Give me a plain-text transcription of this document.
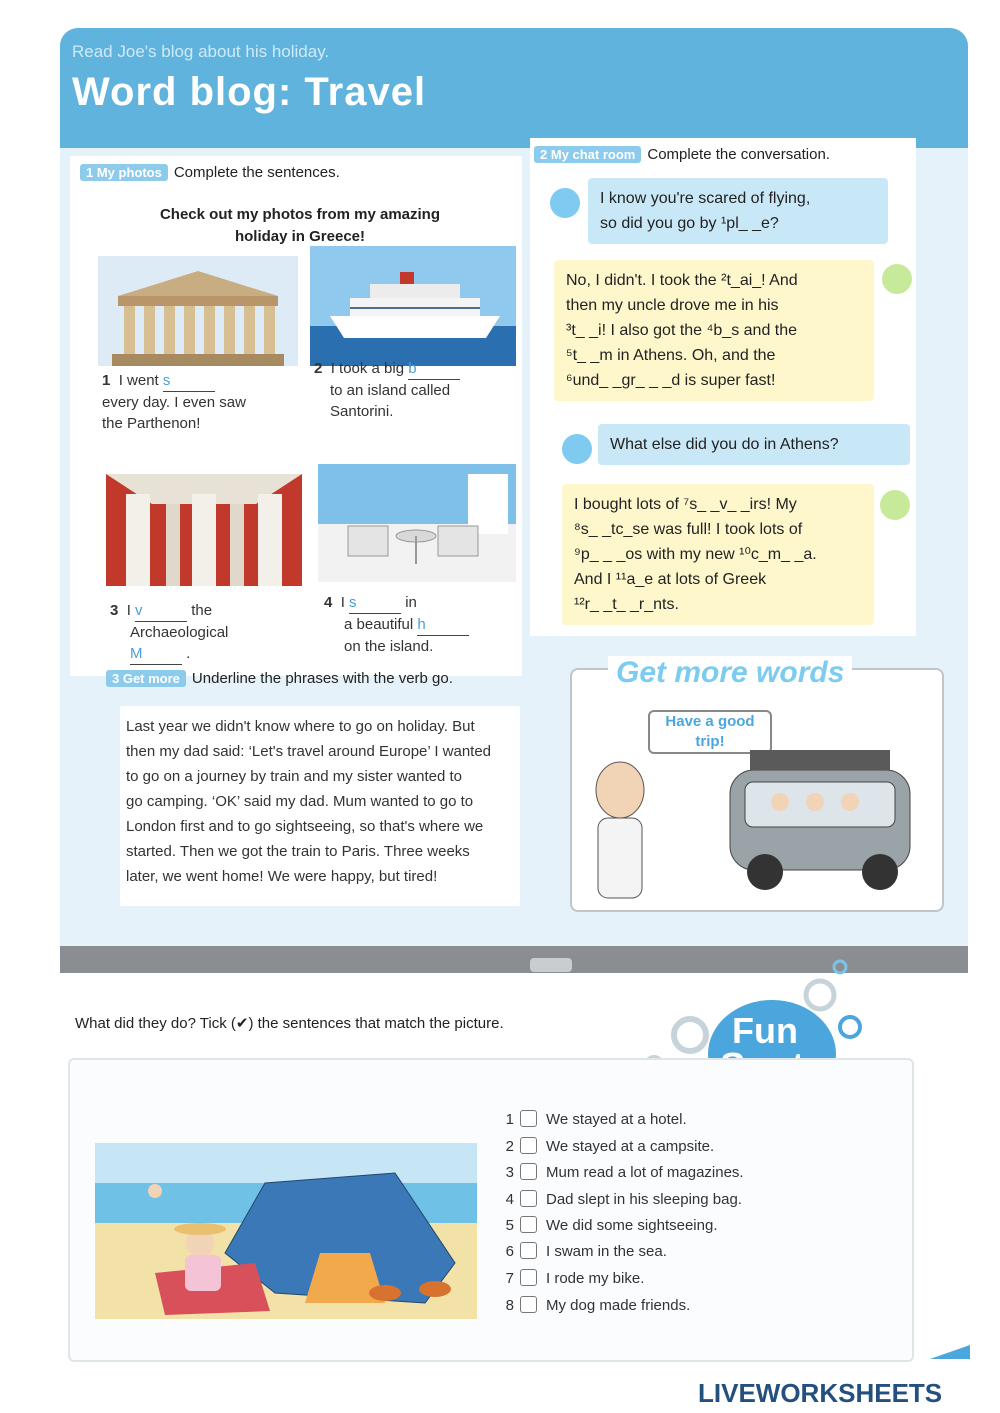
Read Joe's blog about his holiday.
Word blog: Travel
1 My photos Complete the sentences.
Check out my photos from my amazing
holiday in Greece!
1 I went s
every day. I even saw
the Parthenon!
2 I took a big b
to an island called
Santorini.
3 I v	the
Archaeological
M	.
4 I s	in
a beautiful h
on the island.
2 My chat room Complete the conversation.
I know you're scared of flying,
so did you go by ¹pl_ _e?
No, I didn't. I took the ²t_ai_! And
then my uncle drove me in his
³t_ _i! I also got the ⁴b_s and the
⁵t_ _m in Athens. Oh, and the
⁶und_ _gr_ _ _d is super fast!
What else did you do in Athens?
I bought lots of ⁷s_ _v_ _irs! My
⁸s_ _tc_se was full! I took lots of
⁹p_ _ _os with my new ¹⁰c_m_ _a.
And I ¹¹a_e at lots of Greek
¹²r_ _t_ _r_nts.
3 Get more Underline the phrases with the verb go.
Last year we didn't know where to go on holiday. But
then my dad said: ‘Let's travel around Europe’ I wanted
to go on a journey by train and my sister wanted to
go camping. ‘OK’ said my dad. Mum wanted to go to
London first and to go sightseeing, so that's where we
started. Then we got the train to Paris. Three weeks
later, we went home! We were happy, but tired!
Get more words
Have a good
trip!
What did they do? Tick (✔) the sentences that match the picture.	Fun
1 We stayed at a hotel.
2 We stayed at a campsite.
3 Mum read a lot of magazines.
4 Dad slept in his sleeping bag.
5 We did some sightseeing.
6 I swam in the sea.
7 I rode my bike.
8 My dog made friends.
LIVEWORKSHEETS
